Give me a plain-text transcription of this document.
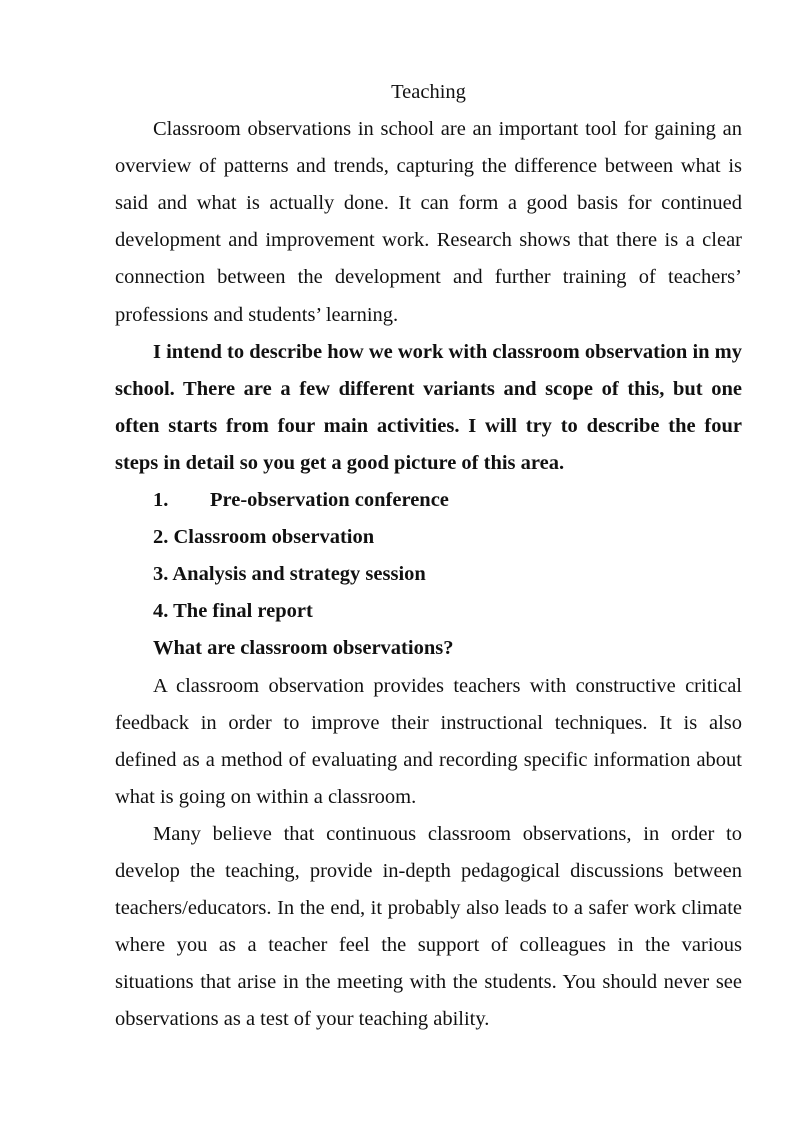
Teaching

Classroom observations in school are an important tool for gaining an overview of patterns and trends, capturing the difference between what is said and what is actually done. It can form a good basis for continued development and improvement work. Research shows that there is a clear connection between the development and further training of teachers’ professions and students’ learning.

I intend to describe how we work with classroom observation in my school. There are a few different variants and scope of this, but one often starts from four main activities. I will try to describe the four steps in detail so you get a good picture of this area.

1. Pre-observation conference

2. Classroom observation

3. Analysis and strategy session

4. The final report

What are classroom observations?

A classroom observation provides teachers with constructive critical feedback in order to improve their instructional techniques. It is also defined as a method of evaluating and recording specific information about what is going on within a classroom.

Many believe that continuous classroom observations, in order to develop the teaching, provide in-depth pedagogical discussions between teachers/educators. In the end, it probably also leads to a safer work climate where you as a teacher feel the support of colleagues in the various situations that arise in the meeting with the students. You should never see observations as a test of your teaching ability.
